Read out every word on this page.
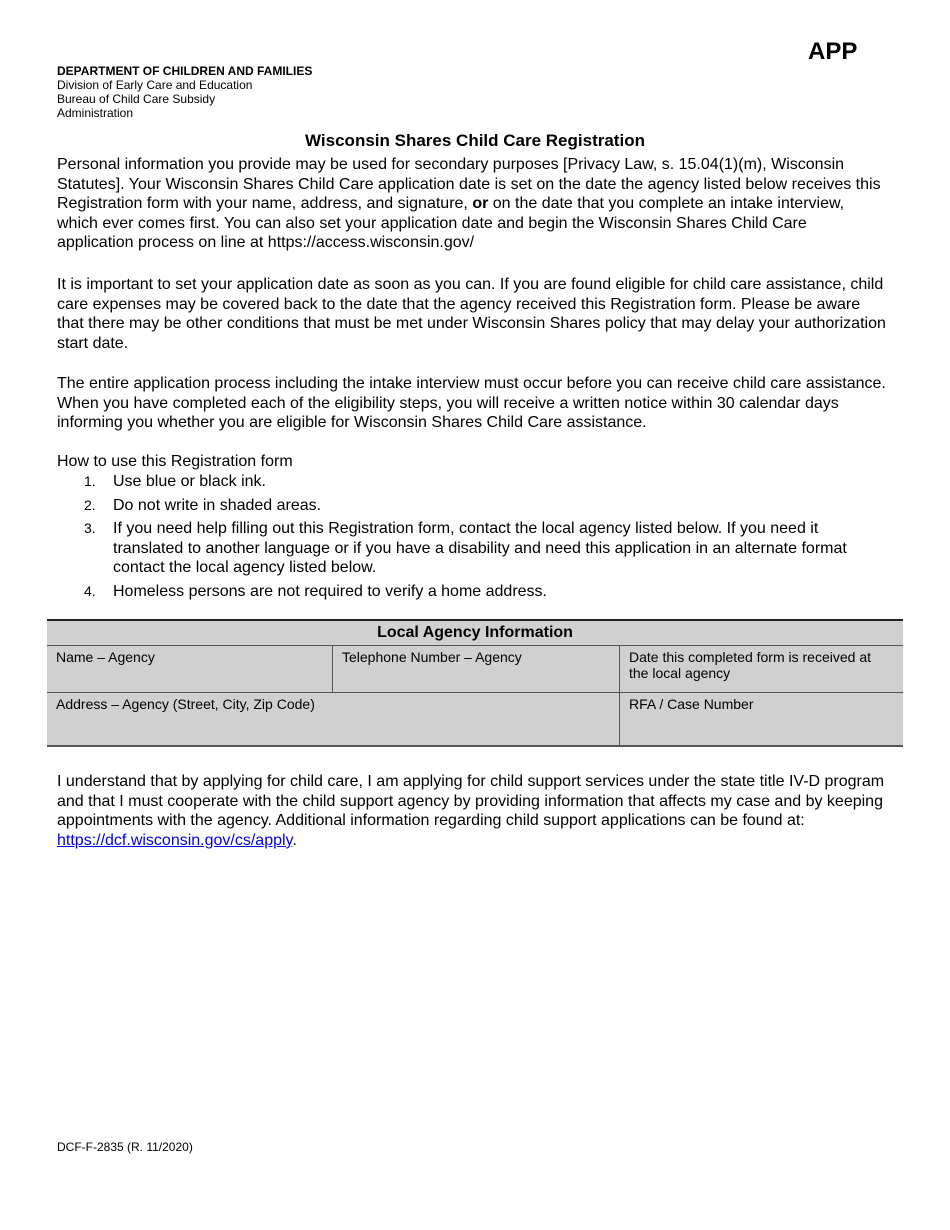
DEPARTMENT OF CHILDREN AND FAMILIES
Division of Early Care and Education
Bureau of Child Care Subsidy
Administration
APP
Wisconsin Shares Child Care Registration
Personal information you provide may be used for secondary purposes [Privacy Law, s. 15.04(1)(m), Wisconsin Statutes]. Your Wisconsin Shares Child Care application date is set on the date the agency listed below receives this Registration form with your name, address, and signature, or on the date that you complete an intake interview, which ever comes first. You can also set your application date and begin the Wisconsin Shares Child Care application process on line at https://access.wisconsin.gov/
It is important to set your application date as soon as you can. If you are found eligible for child care assistance, child care expenses may be covered back to the date that the agency received this Registration form. Please be aware that there may be other conditions that must be met under Wisconsin Shares policy that may delay your authorization start date.
The entire application process including the intake interview must occur before you can receive child care assistance. When you have completed each of the eligibility steps, you will receive a written notice within 30 calendar days informing you whether you are eligible for Wisconsin Shares Child Care assistance.
How to use this Registration form
1. Use blue or black ink.
2. Do not write in shaded areas.
3. If you need help filling out this Registration form, contact the local agency listed below. If you need it translated to another language or if you have a disability and need this application in an alternate format contact the local agency listed below.
4. Homeless persons are not required to verify a home address.
Local Agency Information		
Name – Agency	Telephone Number – Agency	Date this completed form is received at the local agency
Address – Agency (Street, City, Zip Code)		RFA / Case Number
I understand that by applying for child care, I am applying for child support services under the state title IV-D program and that I must cooperate with the child support agency by providing information that affects my case and by keeping appointments with the agency. Additional information regarding child support applications can be found at: https://dcf.wisconsin.gov/cs/apply.
DCF-F-2835 (R. 11/2020)
